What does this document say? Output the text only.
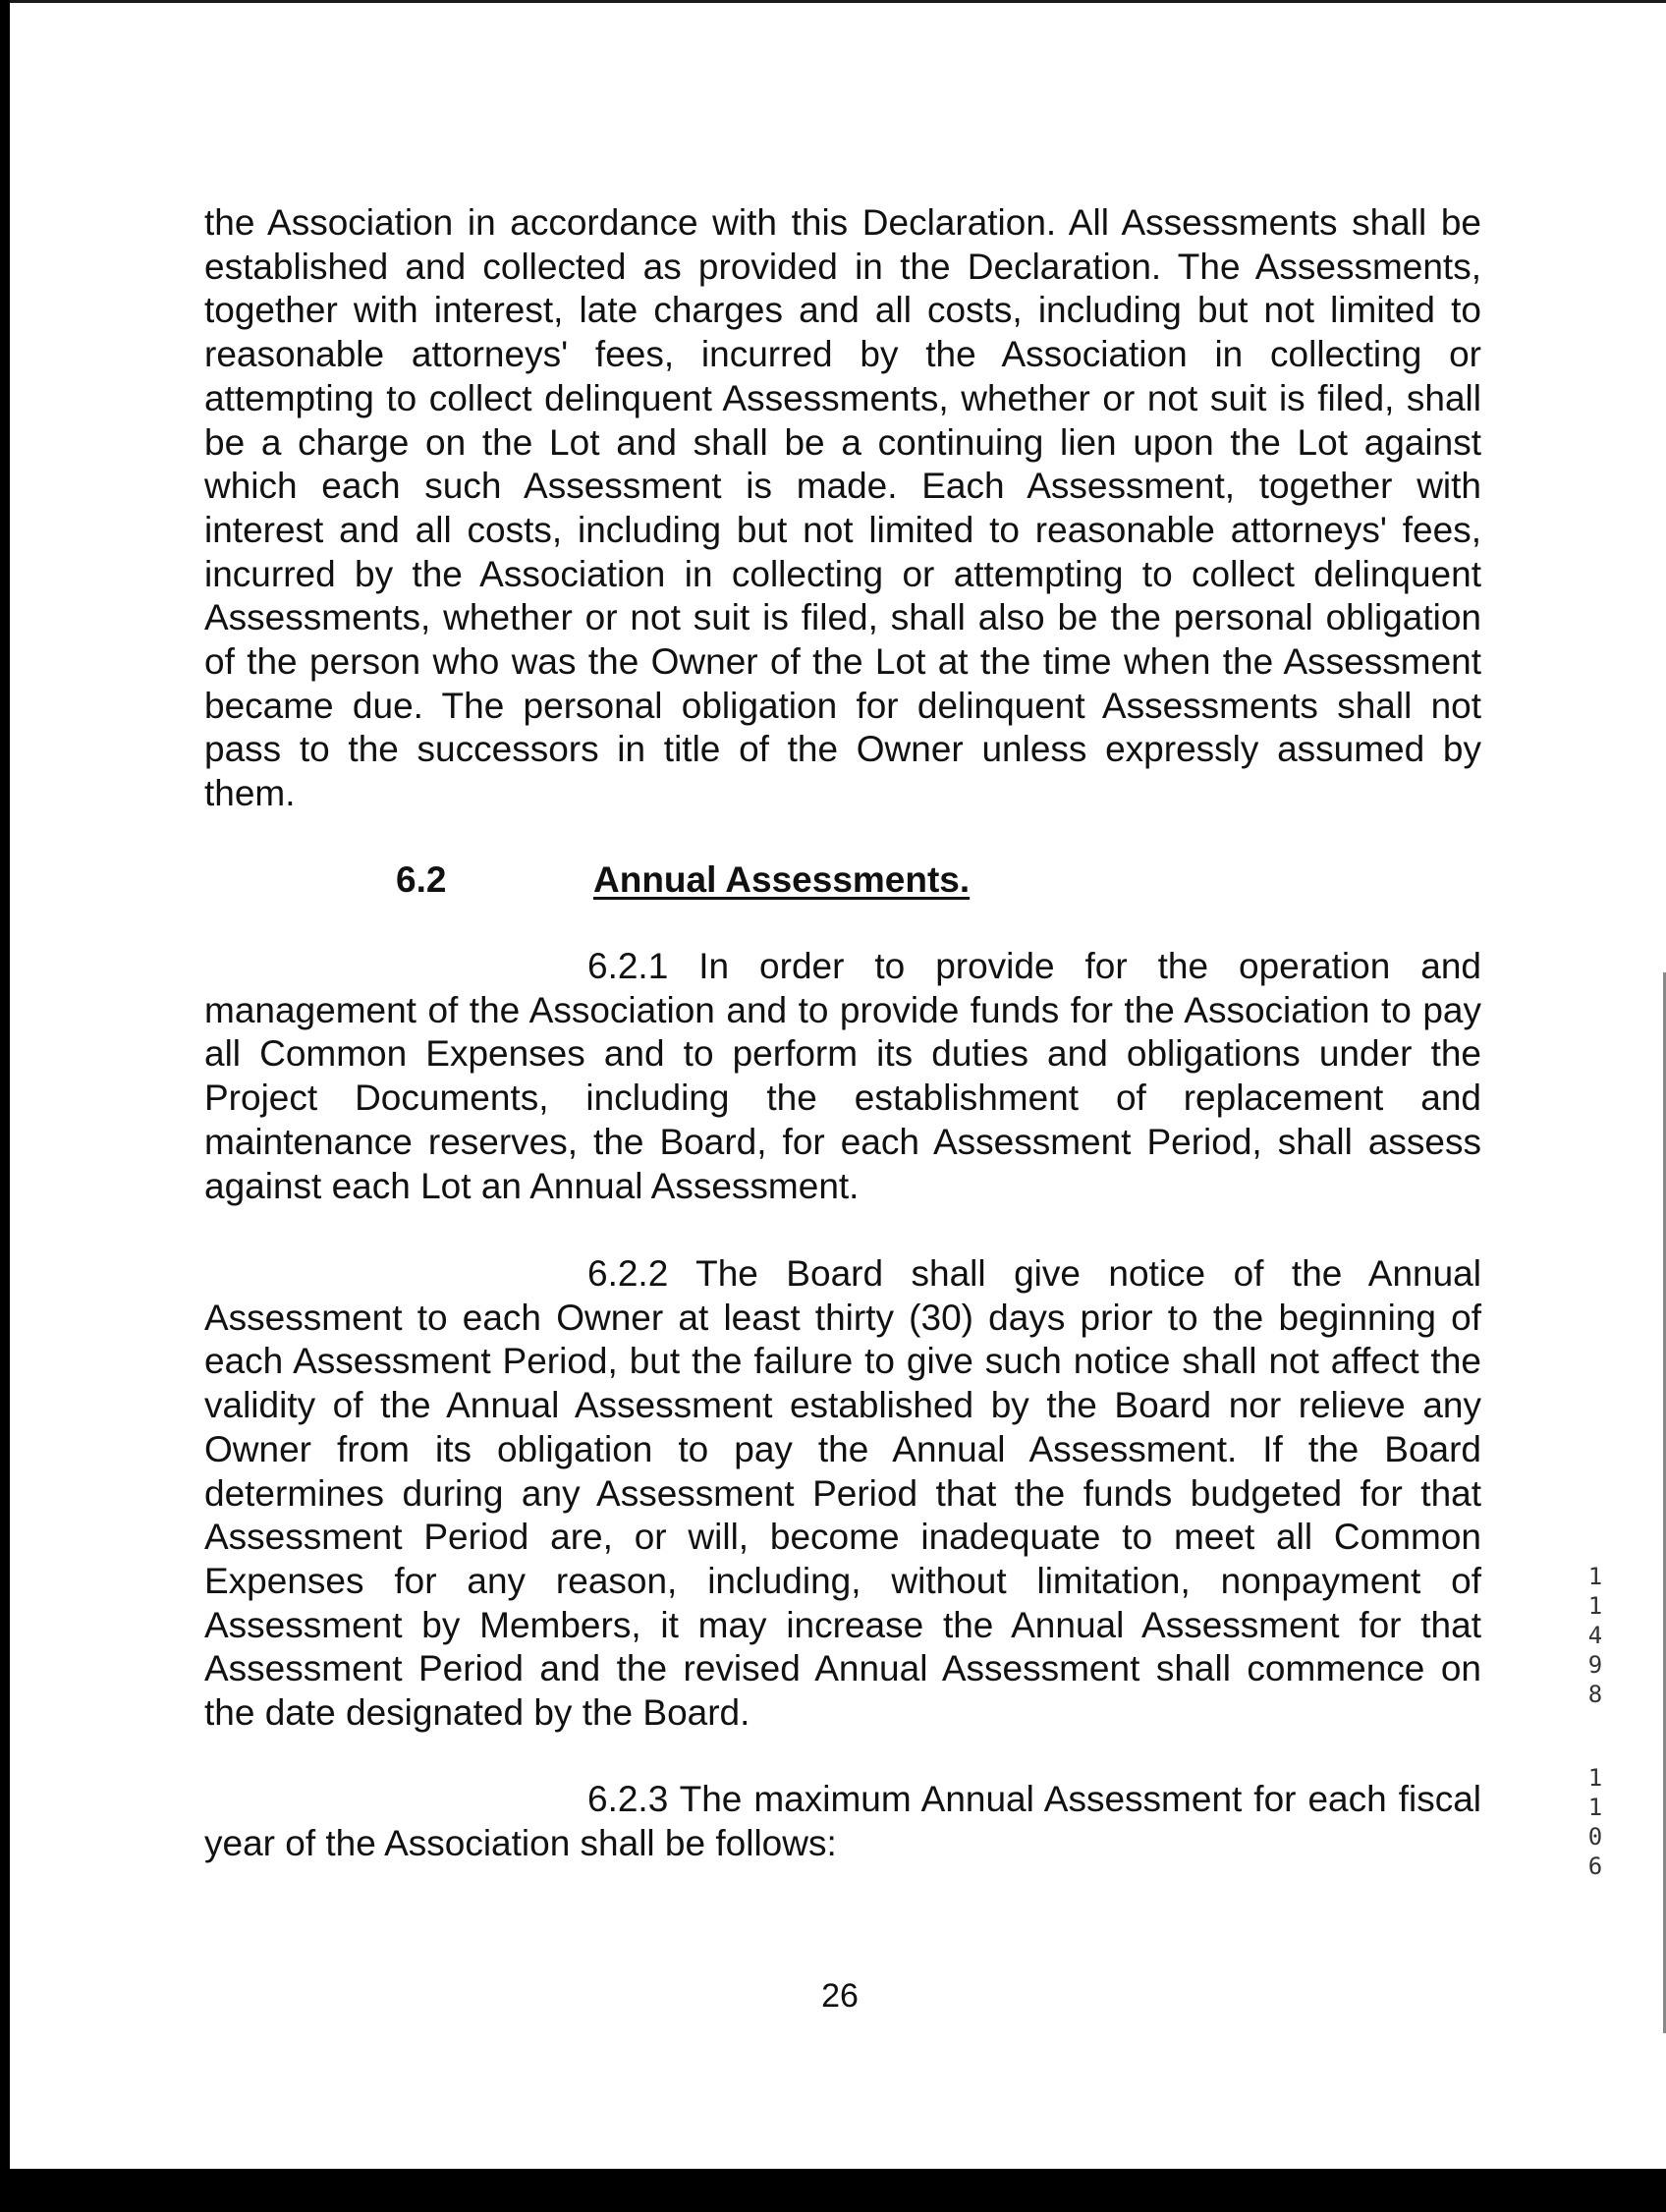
the Association in accordance with this Declaration. All Assessments shall be established and collected as provided in the Declaration. The Assessments, together with interest, late charges and all costs, including but not limited to reasonable attorneys' fees, incurred by the Association in collecting or attempting to collect delinquent Assessments, whether or not suit is filed, shall be a charge on the Lot and shall be a continuing lien upon the Lot against which each such Assessment is made. Each Assessment, together with interest and all costs, including but not limited to reasonable attorneys' fees, incurred by the Association in collecting or attempting to collect delinquent Assessments, whether or not suit is filed, shall also be the personal obligation of the person who was the Owner of the Lot at the time when the Assessment became due. The personal obligation for delinquent Assessments shall not pass to the successors in title of the Owner unless expressly assumed by them.

6.2	Annual Assessments.

6.2.1 In order to provide for the operation and management of the Association and to provide funds for the Association to pay all Common Expenses and to perform its duties and obligations under the Project Documents, including the establishment of replacement and maintenance reserves, the Board, for each Assessment Period, shall assess against each Lot an Annual Assessment.

6.2.2 The Board shall give notice of the Annual Assessment to each Owner at least thirty (30) days prior to the beginning of each Assessment Period, but the failure to give such notice shall not affect the validity of the Annual Assessment established by the Board nor relieve any Owner from its obligation to pay the Annual Assessment. If the Board determines during any Assessment Period that the funds budgeted for that Assessment Period are, or will, become inadequate to meet all Common Expenses for any reason, including, without limitation, nonpayment of Assessment by Members, it may increase the Annual Assessment for that Assessment Period and the revised Annual Assessment shall commence on the date designated by the Board.

6.2.3 The maximum Annual Assessment for each fiscal year of the Association shall be follows:

26
1
1
4
9
8
1
1
0
6
